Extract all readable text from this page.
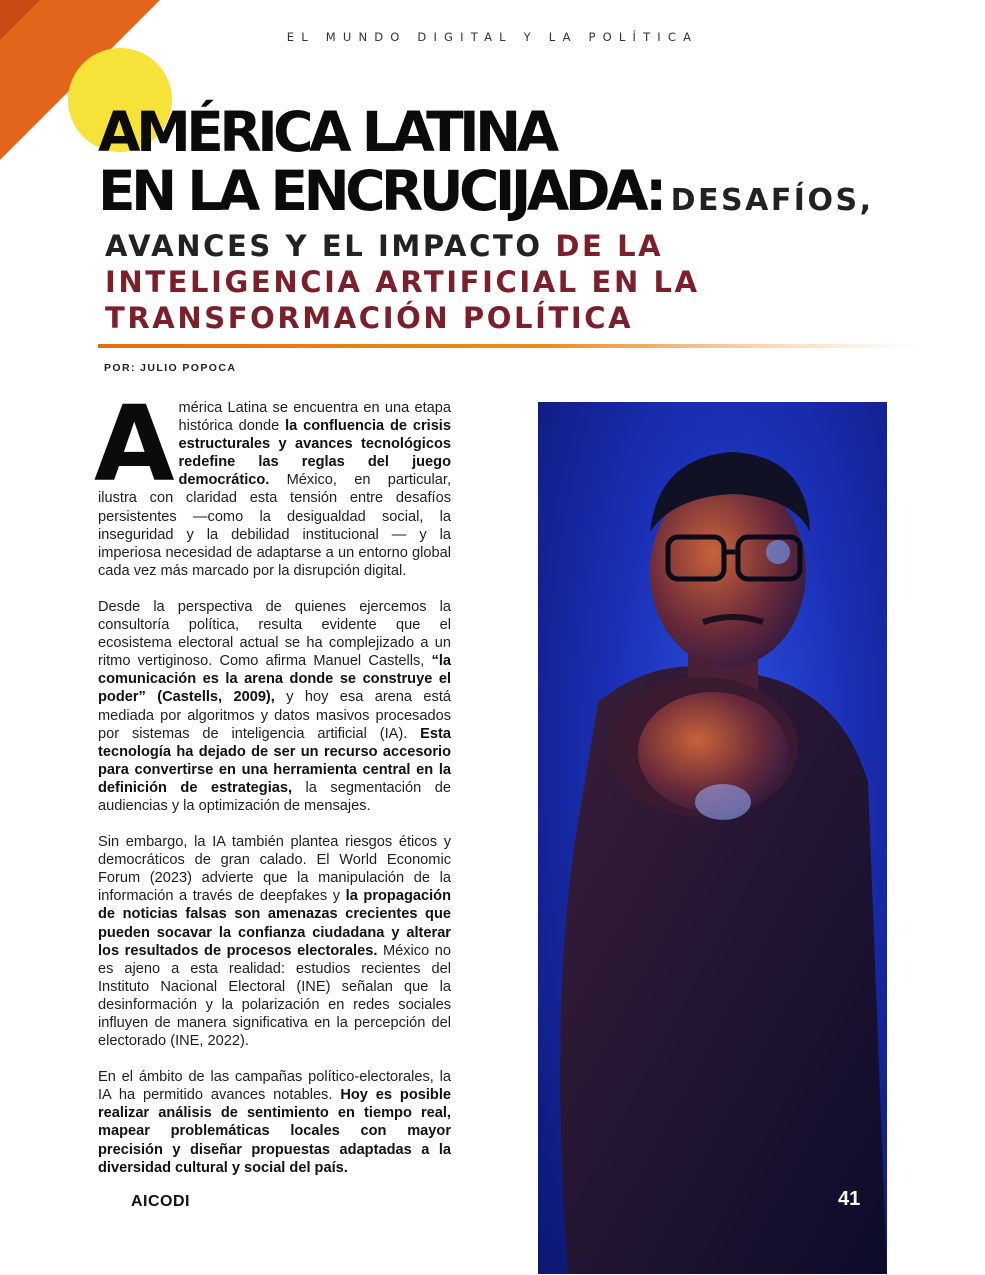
EL MUNDO DIGITAL Y LA POLÍTICA
AMÉRICA LATINA
EN LA ENCRUCIJADA: DESAFÍOS,
AVANCES Y EL IMPACTO DE LA INTELIGENCIA ARTIFICIAL EN LA TRANSFORMACIÓN POLÍTICA
POR: JULIO POPOCA

América Latina se encuentra en una etapa histórica donde la confluencia de crisis estructurales y avances tecnológicos redefine las reglas del juego democrático. México, en particular, ilustra con claridad esta tensión entre desafíos persistentes —como la desigualdad social, la inseguridad y la debilidad institucional — y la imperiosa necesidad de adaptarse a un entorno global cada vez más marcado por la disrupción digital.

Desde la perspectiva de quienes ejercemos la consultoría política, resulta evidente que el ecosistema electoral actual se ha complejizado a un ritmo vertiginoso. Como afirma Manuel Castells, “la comunicación es la arena donde se construye el poder” (Castells, 2009), y hoy esa arena está mediada por algoritmos y datos masivos procesados por sistemas de inteligencia artificial (IA). Esta tecnología ha dejado de ser un recurso accesorio para convertirse en una herramienta central en la definición de estrategias, la segmentación de audiencias y la optimización de mensajes.

Sin embargo, la IA también plantea riesgos éticos y democráticos de gran calado. El World Economic Forum (2023) advierte que la manipulación de la información a través de deepfakes y la propagación de noticias falsas son amenazas crecientes que pueden socavar la confianza ciudadana y alterar los resultados de procesos electorales. México no es ajeno a esta realidad: estudios recientes del Instituto Nacional Electoral (INE) señalan que la desinformación y la polarización en redes sociales influyen de manera significativa en la percepción del electorado (INE, 2022).

En el ámbito de las campañas político-electorales, la IA ha permitido avances notables. Hoy es posible realizar análisis de sentimiento en tiempo real, mapear problemáticas locales con mayor precisión y diseñar propuestas adaptadas a la diversidad cultural y social del país.

AICODI	41
